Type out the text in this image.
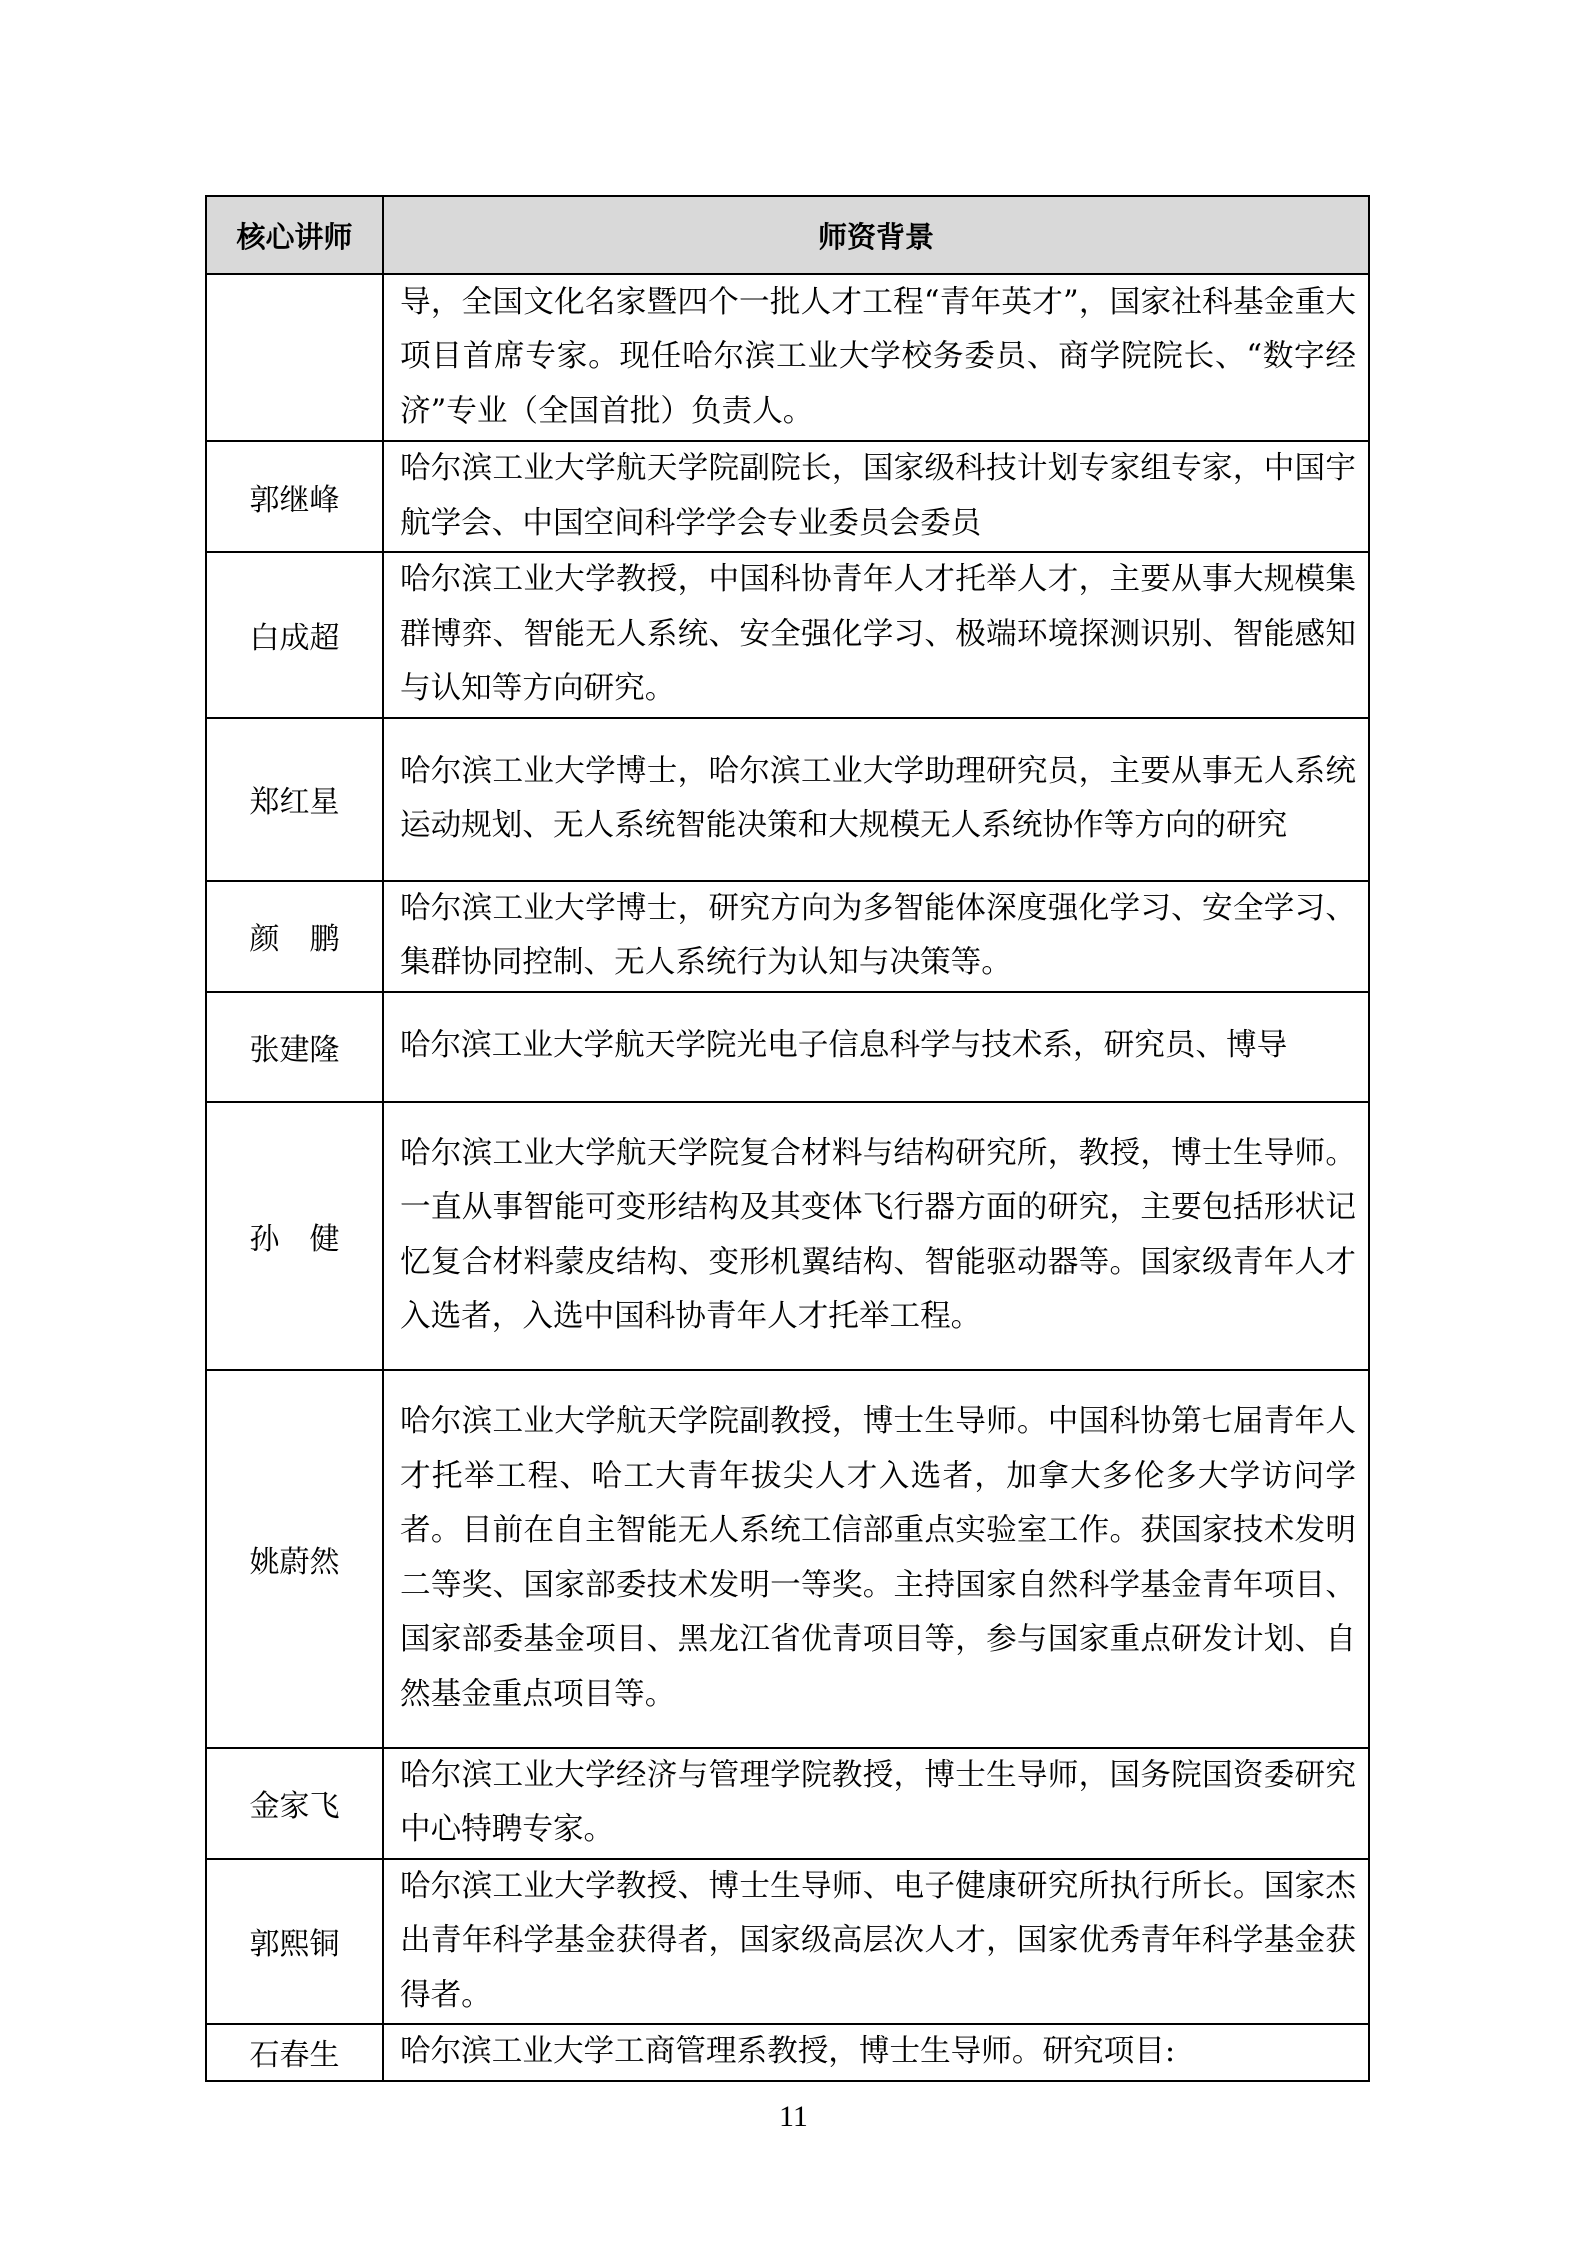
核心讲师	师资背景
	导，全国文化名家暨四个一批人才工程“青年英才”，国家社科基金重大项目首席专家。现任哈尔滨工业大学校务委员、商学院院长、“数字经济”专业（全国首批）负责人。
郭继峰	哈尔滨工业大学航天学院副院长，国家级科技计划专家组专家，中国宇航学会、中国空间科学学会专业委员会委员
白成超	哈尔滨工业大学教授，中国科协青年人才托举人才，主要从事大规模集群博弈、智能无人系统、安全强化学习、极端环境探测识别、智能感知与认知等方向研究。
郑红星	哈尔滨工业大学博士，哈尔滨工业大学助理研究员，主要从事无人系统运动规划、无人系统智能决策和大规模无人系统协作等方向的研究
颜　鹏	哈尔滨工业大学博士，研究方向为多智能体深度强化学习、安全学习、集群协同控制、无人系统行为认知与决策等。
张建隆	哈尔滨工业大学航天学院光电子信息科学与技术系，研究员、博导
孙　健	哈尔滨工业大学航天学院复合材料与结构研究所，教授，博士生导师。一直从事智能可变形结构及其变体飞行器方面的研究，主要包括形状记忆复合材料蒙皮结构、变形机翼结构、智能驱动器等。国家级青年人才入选者，入选中国科协青年人才托举工程。
姚蔚然	哈尔滨工业大学航天学院副教授，博士生导师。中国科协第七届青年人才托举工程、哈工大青年拔尖人才入选者，加拿大多伦多大学访问学者。目前在自主智能无人系统工信部重点实验室工作。获国家技术发明二等奖、国家部委技术发明一等奖。主持国家自然科学基金青年项目、国家部委基金项目、黑龙江省优青项目等，参与国家重点研发计划、自然基金重点项目等。
金家飞	哈尔滨工业大学经济与管理学院教授，博士生导师，国务院国资委研究中心特聘专家。
郭熙铜	哈尔滨工业大学教授、博士生导师、电子健康研究所执行所长。国家杰出青年科学基金获得者，国家级高层次人才，国家优秀青年科学基金获得者。
石春生	哈尔滨工业大学工商管理系教授，博士生导师。研究项目:
11
